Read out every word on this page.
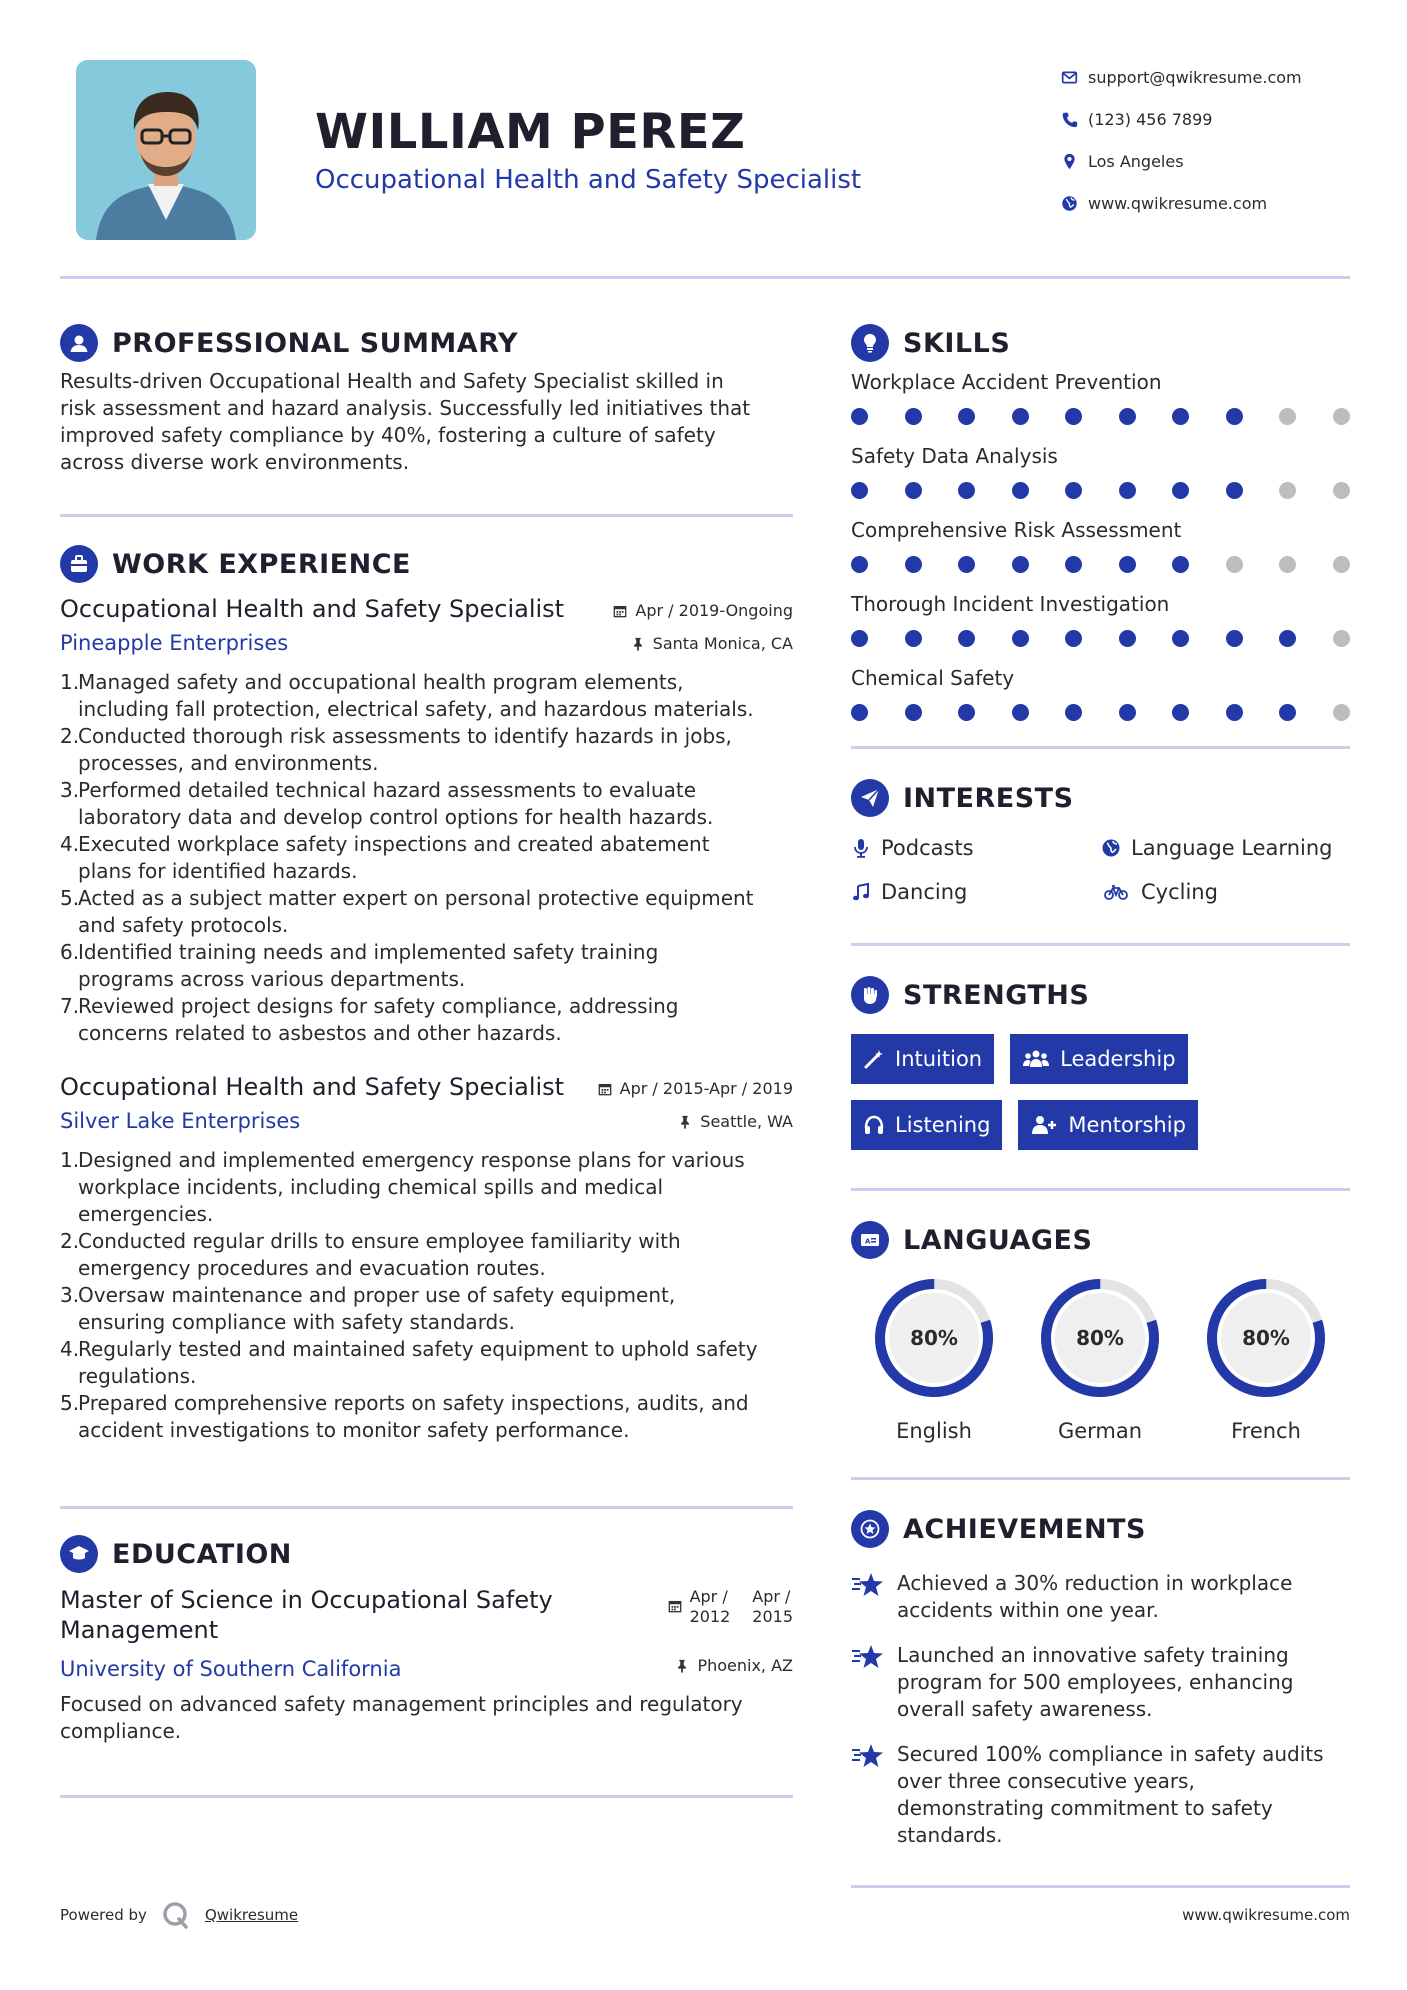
WILLIAM PEREZ
Occupational Health and Safety Specialist
support@qwikresume.com
(123) 456 7899
Los Angeles
www.qwikresume.com
PROFESSIONAL SUMMARY
Results-driven Occupational Health and Safety Specialist skilled in
risk assessment and hazard analysis. Successfully led initiatives that
improved safety compliance by 40%, fostering a culture of safety
across diverse work environments.
WORK EXPERIENCE
Occupational Health and Safety Specialist	Apr / 2019-Ongoing
Pineapple Enterprises	Santa Monica, CA
1.
Managed safety and occupational health program elements,
including fall protection, electrical safety, and hazardous materials.
2.
Conducted thorough risk assessments to identify hazards in jobs,
processes, and environments.
3.
Performed detailed technical hazard assessments to evaluate
laboratory data and develop control options for health hazards.
4.
Executed workplace safety inspections and created abatement
plans for identified hazards.
5.
Acted as a subject matter expert on personal protective equipment
and safety protocols.
6.
Identified training needs and implemented safety training
programs across various departments.
7.
Reviewed project designs for safety compliance, addressing
concerns related to asbestos and other hazards.
Occupational Health and Safety Specialist	Apr / 2015-Apr / 2019
Silver Lake Enterprises	Seattle, WA
1.
Designed and implemented emergency response plans for various
workplace incidents, including chemical spills and medical
emergencies.
2.
Conducted regular drills to ensure employee familiarity with
emergency procedures and evacuation routes.
3.
Oversaw maintenance and proper use of safety equipment,
ensuring compliance with safety standards.
4.
Regularly tested and maintained safety equipment to uphold safety
regulations.
5.
Prepared comprehensive reports on safety inspections, audits, and
accident investigations to monitor safety performance.
EDUCATION
Master of Science in Occupational Safety
Management
Apr /
2012
Apr /
2015
University of Southern California	Phoenix, AZ
Focused on advanced safety management principles and regulatory
compliance.
SKILLS
Workplace Accident Prevention
Safety Data Analysis
Comprehensive Risk Assessment
Thorough Incident Investigation
Chemical Safety
INTERESTS
Podcasts	Language Learning
Dancing	Cycling
STRENGTHS
Intuition	Leadership
Listening	Mentorship
A LANGUAGES
80%
English
80%
German
80%
French
ACHIEVEMENTS
Achieved a 30% reduction in workplace
accidents within one year.
Launched an innovative safety training
program for 500 employees, enhancing
overall safety awareness.
Secured 100% compliance in safety audits
over three consecutive years,
demonstrating commitment to safety
standards.
Powered by	Qwikresume	www.qwikresume.com
